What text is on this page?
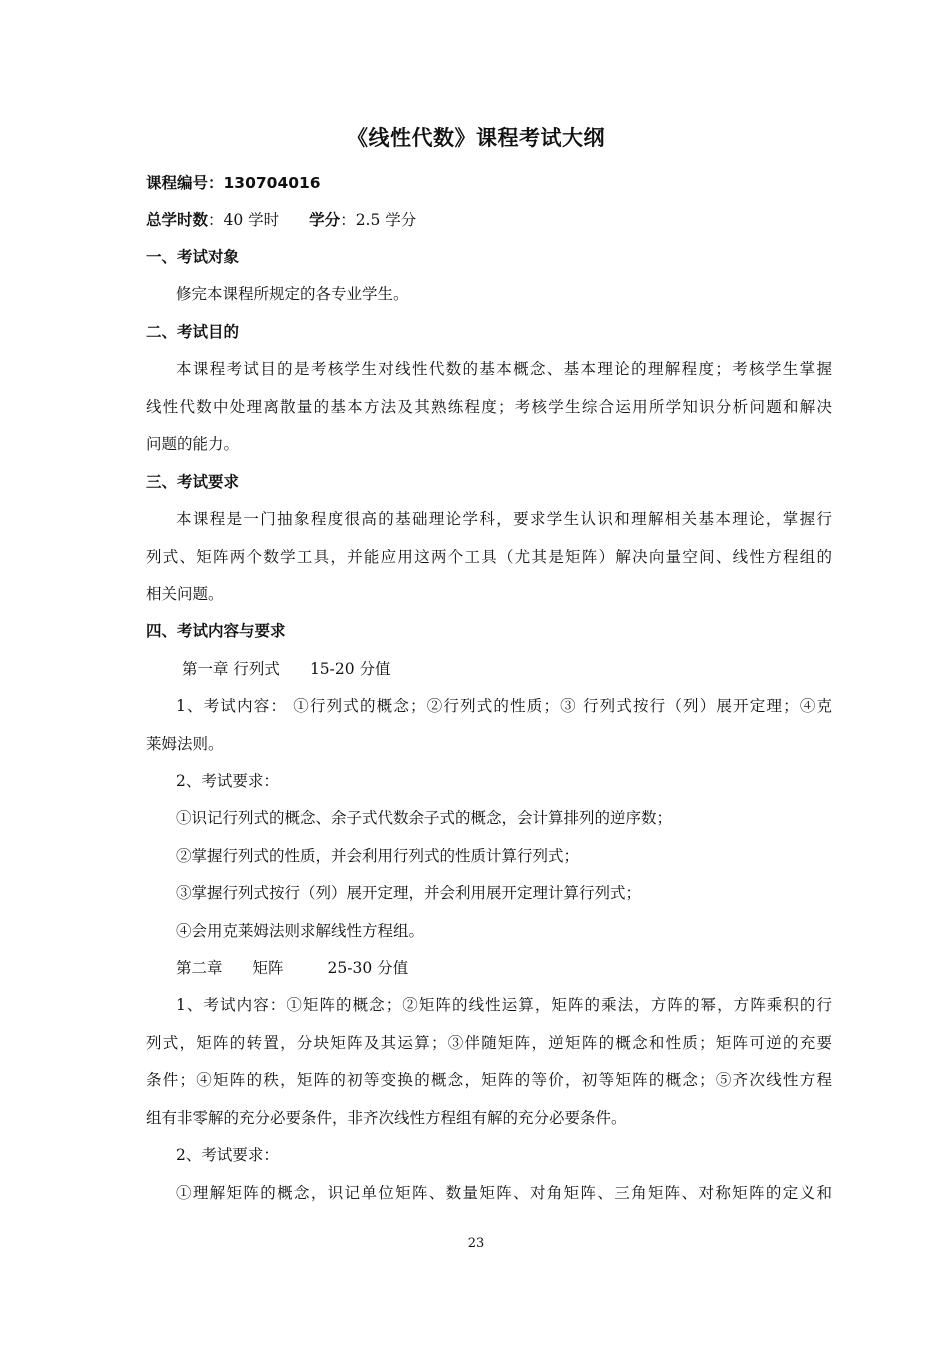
《线性代数》课程考试大纲
课程编号：130704016
总学时数：40 学时 学分：2.5 学分
一、考试对象
修完本课程所规定的各专业学生。
二、考试目的
本课程考试目的是考核学生对线性代数的基本概念、基本理论的理解程度；考核学生掌握
线性代数中处理离散量的基本方法及其熟练程度；考核学生综合运用所学知识分析问题和解决
问题的能力。
三、考试要求
本课程是一门抽象程度很高的基础理论学科，要求学生认识和理解相关基本理论，掌握行
列式、矩阵两个数学工具，并能应用这两个工具（尤其是矩阵）解决向量空间、线性方程组的
相关问题。
四、考试内容与要求
第一章 行列式 15-20 分值
1、考试内容： ①行列式的概念；②行列式的性质；③ 行列式按行（列）展开定理；④克
莱姆法则。
2、考试要求：
①识记行列式的概念、余子式代数余子式的概念，会计算排列的逆序数；
②掌握行列式的性质，并会利用行列式的性质计算行列式；
③掌握行列式按行（列）展开定理，并会利用展开定理计算行列式；
④会用克莱姆法则求解线性方程组。
第二章 矩阵	25-30 分值
1、考试内容：①矩阵的概念；②矩阵的线性运算，矩阵的乘法，方阵的幂，方阵乘积的行
列式，矩阵的转置，分块矩阵及其运算；③伴随矩阵，逆矩阵的概念和性质；矩阵可逆的充要
条件；④矩阵的秩，矩阵的初等变换的概念，矩阵的等价，初等矩阵的概念；⑤齐次线性方程
组有非零解的充分必要条件，非齐次线性方程组有解的充分必要条件。
2、考试要求：
①理解矩阵的概念，识记单位矩阵、数量矩阵、对角矩阵、三角矩阵、对称矩阵的定义和
23
